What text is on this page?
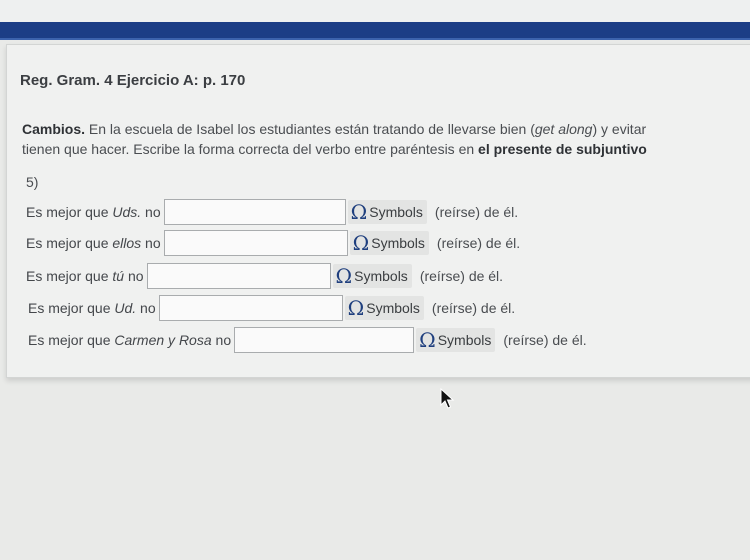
Reg. Gram. 4 Ejercicio A: p. 170
Cambios. En la escuela de Isabel los estudiantes están tratando de llevarse bien (get along) y evitar
tienen que hacer. Escribe la forma correcta del verbo entre paréntesis en el presente de subjuntivo
5)
Es mejor que Uds. no	Ω Symbols (reírse) de él.
Es mejor que ellos no	Ω Symbols (reírse) de él.
Es mejor que tú no	Ω Symbols (reírse) de él.
Es mejor que Ud. no	Ω Symbols (reírse) de él.
Es mejor que Carmen y Rosa no	Ω Symbols (reírse) de él.
